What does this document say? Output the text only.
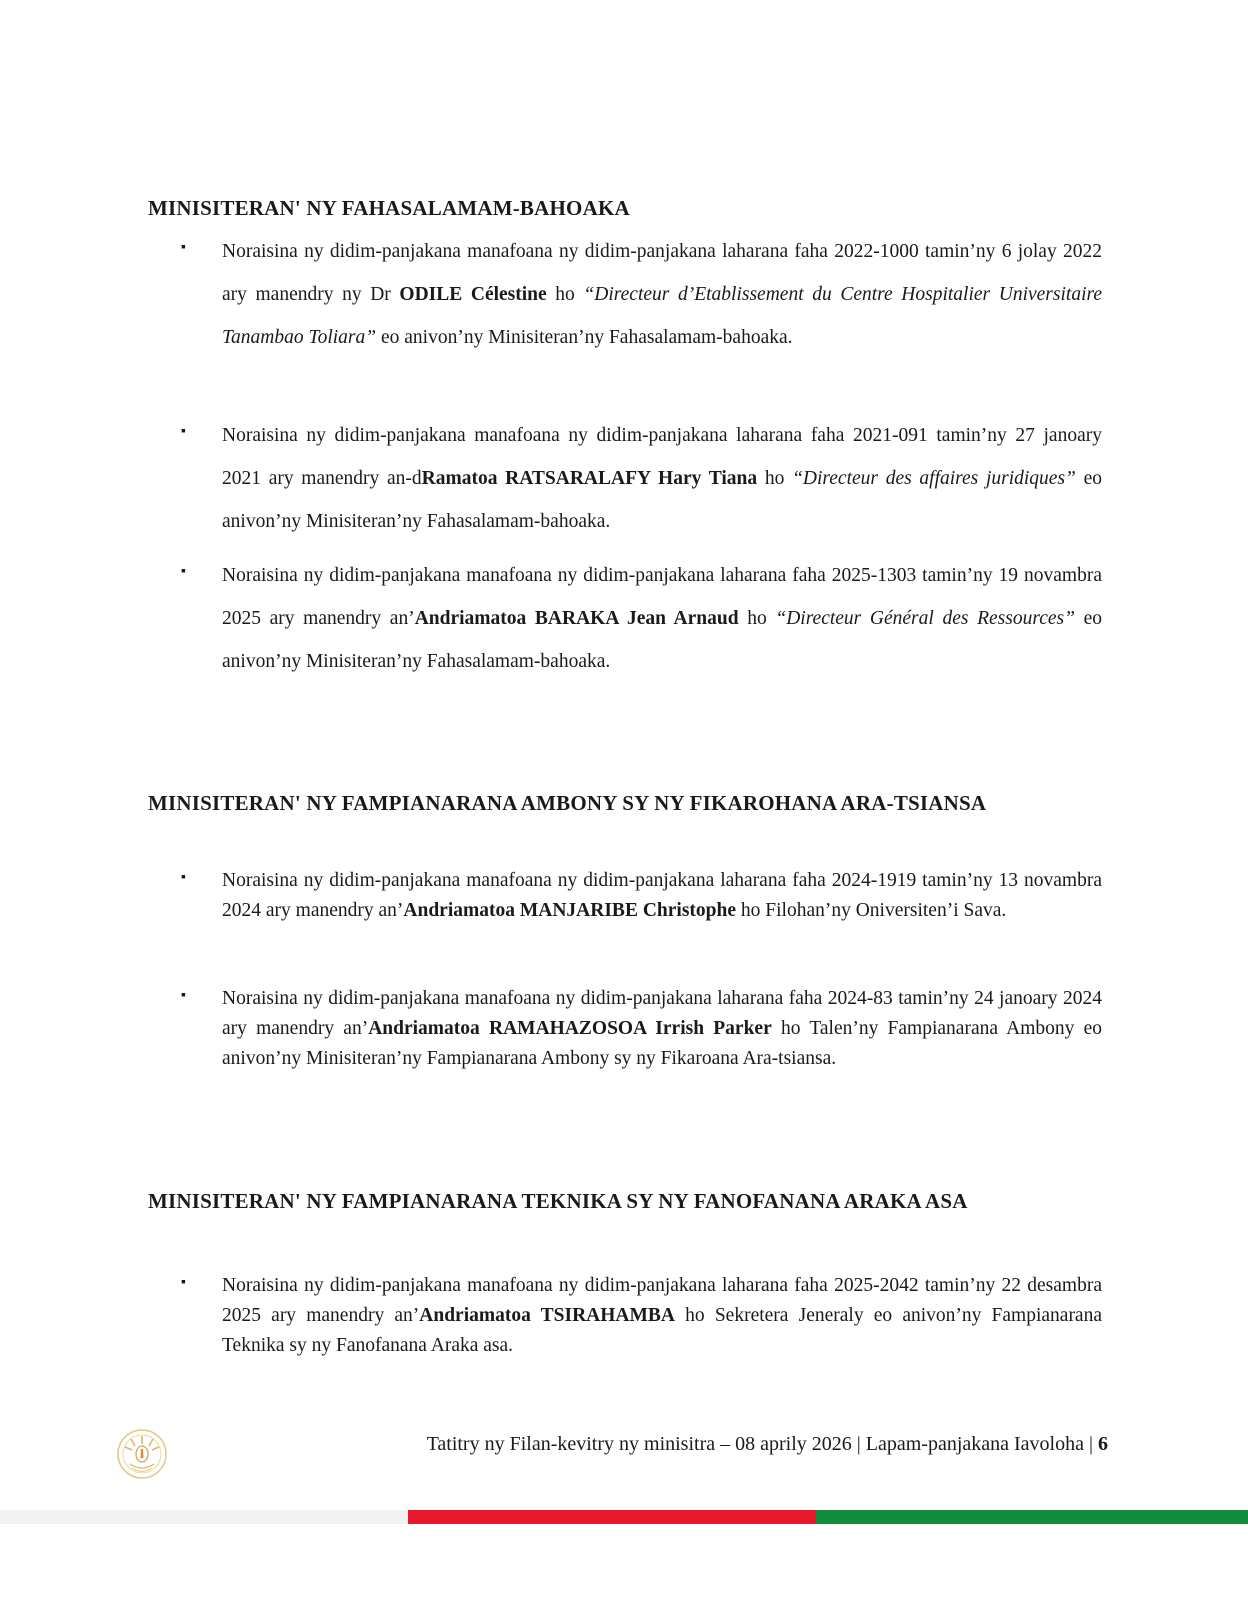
MINISITERAN' NY FAHASALAMAM-BAHOAKA
▪ Noraisina ny didim-panjakana manafoana ny didim-panjakana laharana faha 2022-1000 tamin’ny 6 jolay 2022 ary manendry ny Dr ODILE Célestine ho “Directeur d’Etablissement du Centre Hospitalier Universitaire Tanambao Toliara” eo anivon’ny Minisiteran’ny Fahasalamam-bahoaka.
▪ Noraisina ny didim-panjakana manafoana ny didim-panjakana laharana faha 2021-091 tamin’ny 27 janoary 2021 ary manendry an-dRamatoa RATSARALAFY Hary Tiana ho “Directeur des affaires juridiques” eo anivon’ny Minisiteran’ny Fahasalamam-bahoaka.
▪ Noraisina ny didim-panjakana manafoana ny didim-panjakana laharana faha 2025-1303 tamin’ny 19 novambra 2025 ary manendry an’Andriamatoa BARAKA Jean Arnaud ho “Directeur Général des Ressources” eo anivon’ny Minisiteran’ny Fahasalamam-bahoaka.
MINISITERAN' NY FAMPIANARANA AMBONY SY NY FIKAROHANA ARA-TSIANSA
▪ Noraisina ny didim-panjakana manafoana ny didim-panjakana laharana faha 2024-1919 tamin’ny 13 novambra 2024 ary manendry an’Andriamatoa MANJARIBE Christophe ho Filohan’ny Oniversiten’i Sava.
▪ Noraisina ny didim-panjakana manafoana ny didim-panjakana laharana faha 2024-83 tamin’ny 24 janoary 2024 ary manendry an’Andriamatoa RAMAHAZOSOA Irrish Parker ho Talen’ny Fampianarana Ambony eo anivon’ny Minisiteran’ny Fampianarana Ambony sy ny Fikaroana Ara-tsiansa.
MINISITERAN' NY FAMPIANARANA TEKNIKA SY NY FANOFANANA ARAKA ASA
▪ Noraisina ny didim-panjakana manafoana ny didim-panjakana laharana faha 2025-2042 tamin’ny 22 desambra 2025 ary manendry an’Andriamatoa TSIRAHAMBA ho Sekretera Jeneraly eo anivon’ny Fampianarana Teknika sy ny Fanofanana Araka asa.
Tatitry ny Filan-kevitry ny minisitra – 08 aprily 2026 | Lapam-panjakana Iavoloha | 6
